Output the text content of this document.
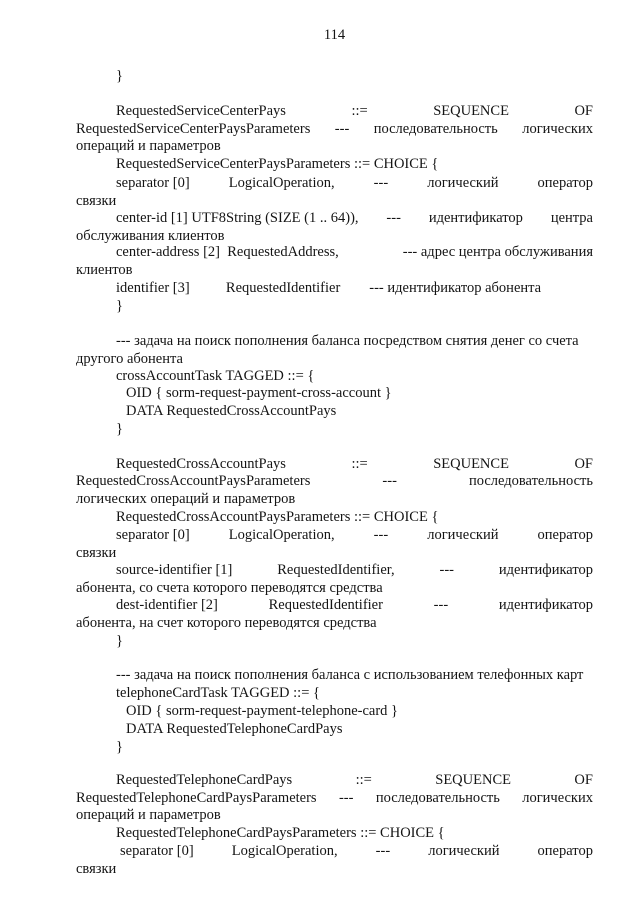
114
}
RequestedServiceCenterPays	::=	SEQUENCE	OF
RequestedServiceCenterPaysParameters --- последовательность логических
операций и параметров
RequestedServiceCenterPaysParameters ::= CHOICE {
separator [0]	LogicalOperation,	---	логический	оператор
связки
center-id [1] UTF8String (SIZE (1 .. 64)), --- идентификатор центра
обслуживания клиентов
center-address [2]  RequestedAddress,	--- адрес центра обслуживания
клиентов
identifier [3]          RequestedIdentifier        --- идентификатор абонента
}
--- задача на поиск пополнения баланса посредством снятия денег со счета
другого абонента
crossAccountTask TAGGED ::= {
OID { sorm-request-payment-cross-account }
DATA RequestedCrossAccountPays
}
RequestedCrossAccountPays	::=	SEQUENCE	OF
RequestedCrossAccountPaysParameters	---	последовательность
логических операций и параметров
RequestedCrossAccountPaysParameters ::= CHOICE {
separator [0]	LogicalOperation,	---	логический	оператор
связки
source-identifier [1]	RequestedIdentifier,	---	идентификатор
абонента, со счета которого переводятся средства
dest-identifier [2]	RequestedIdentifier	---	идентификатор
абонента, на счет которого переводятся средства
}
--- задача на поиск пополнения баланса с использованием телефонных карт
telephoneCardTask TAGGED ::= {
OID { sorm-request-payment-telephone-card }
DATA RequestedTelephoneCardPays
}
RequestedTelephoneCardPays	::=	SEQUENCE	OF
RequestedTelephoneCardPaysParameters --- последовательность логических
операций и параметров
RequestedTelephoneCardPaysParameters ::= CHOICE {
separator [0]	LogicalOperation,	---	логический	оператор
связки
